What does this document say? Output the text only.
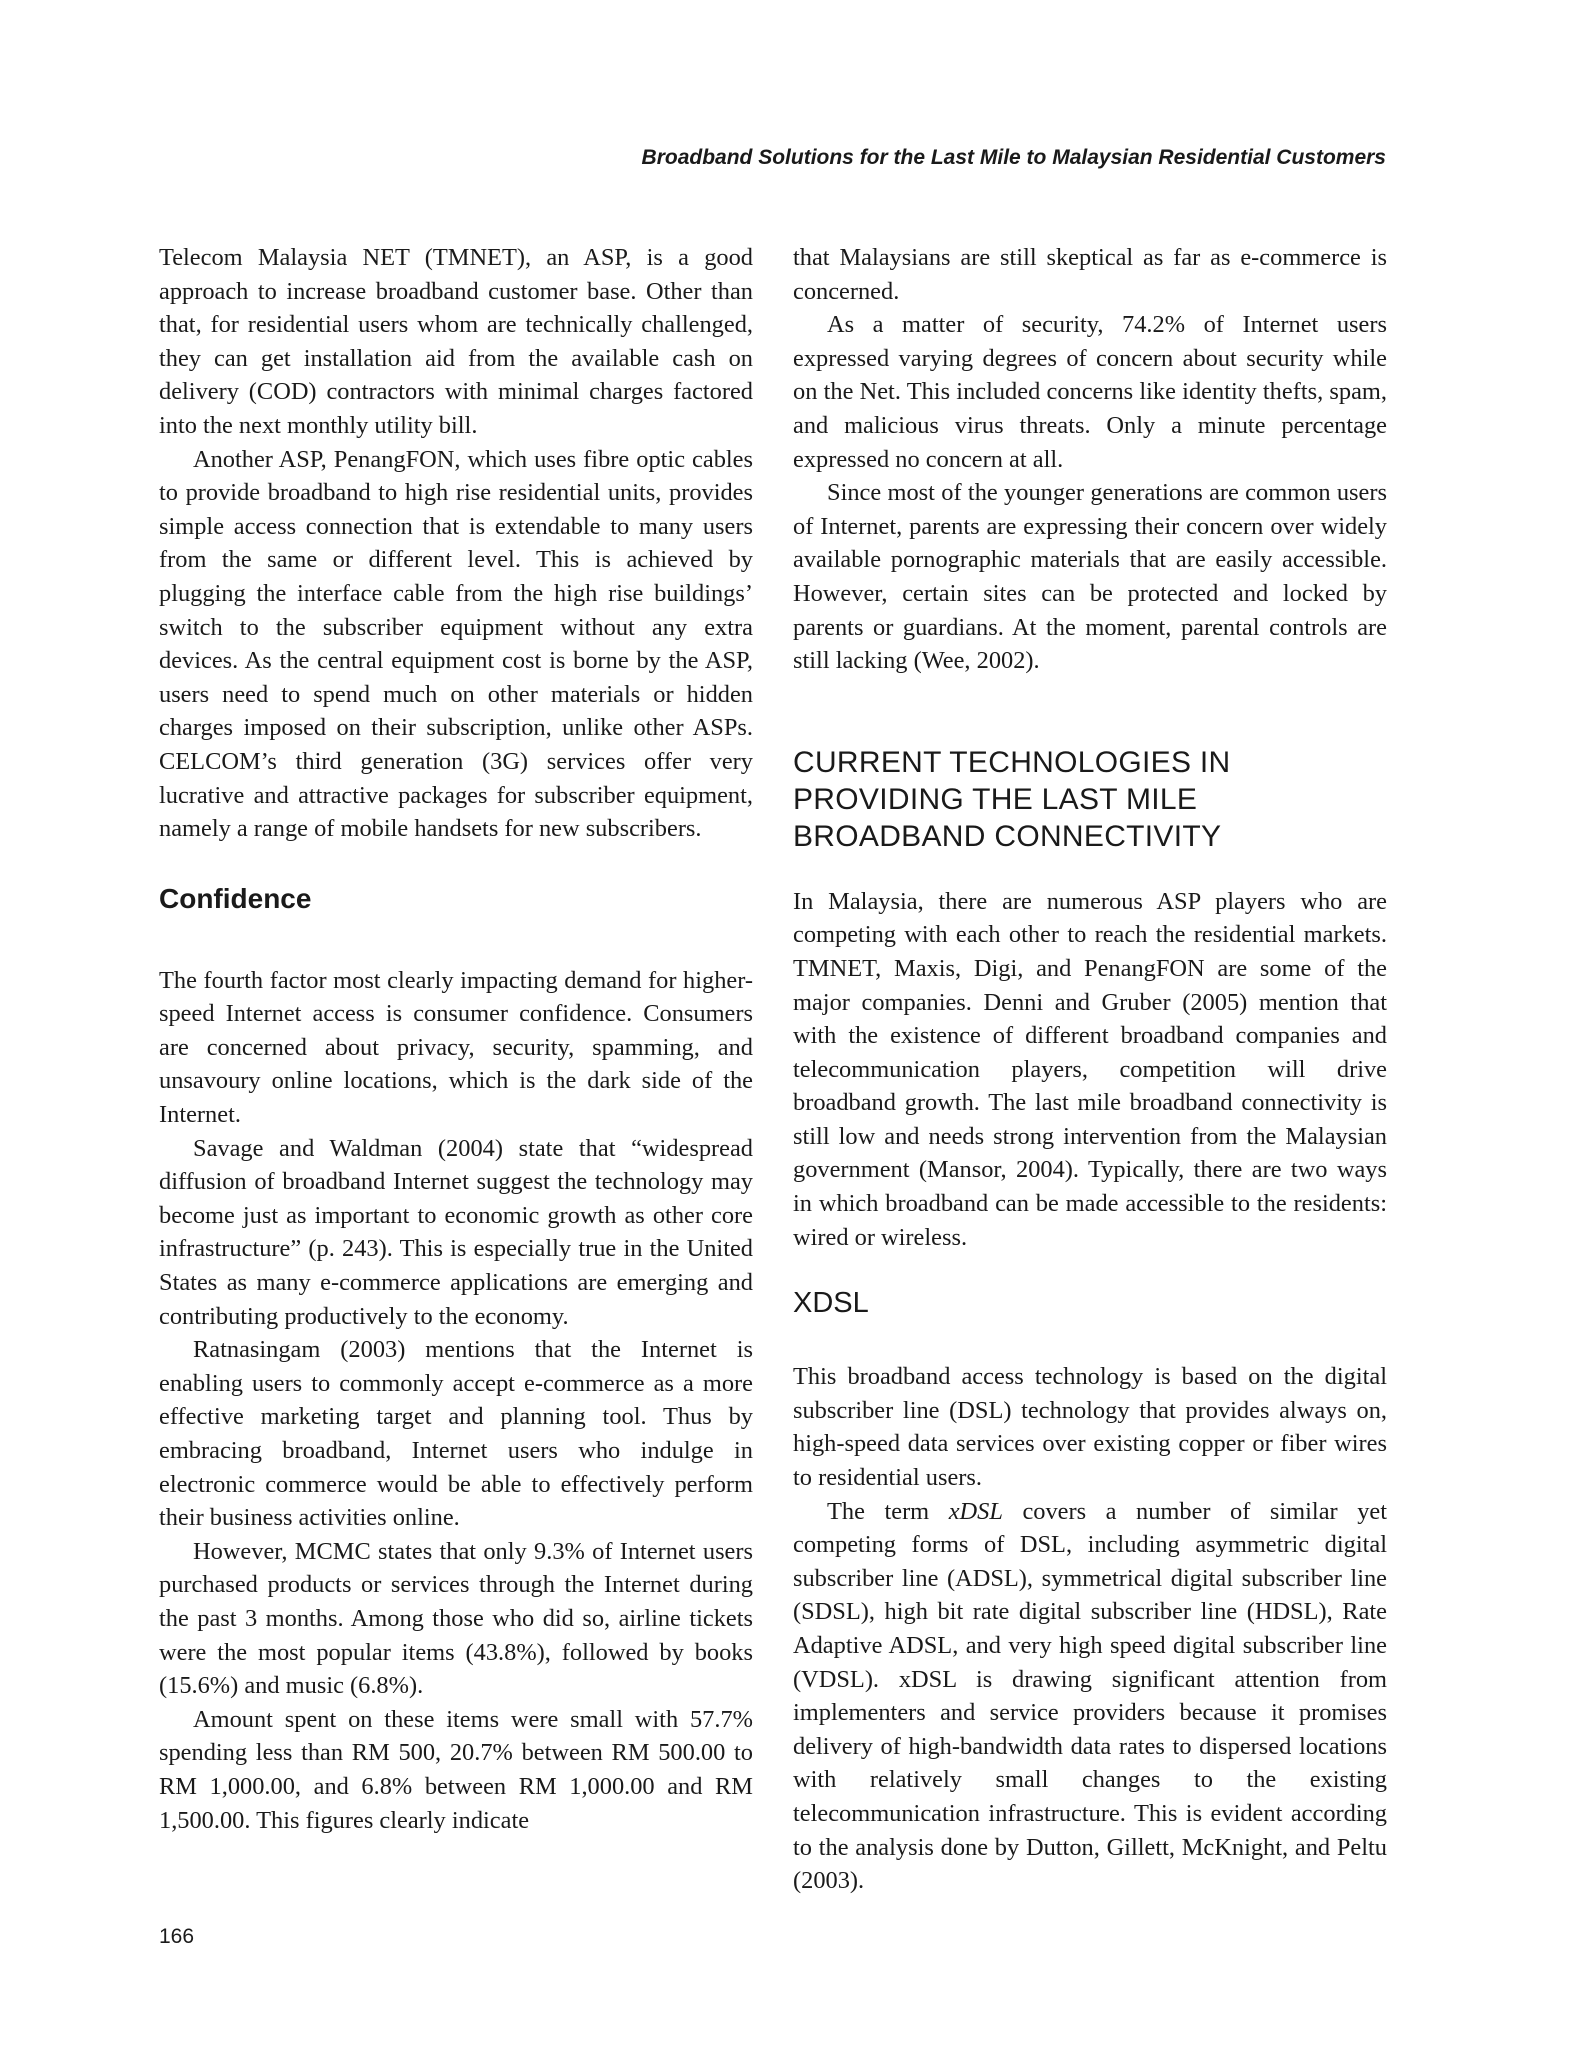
Broadband Solutions for the Last Mile to Malaysian Residential Customers

Telecom Malaysia NET (TMNET), an ASP, is a good approach to increase broadband customer base. Other than that, for residential users whom are technically challenged, they can get installation aid from the available cash on delivery (COD) contractors with minimal charges factored into the next monthly utility bill.

Another ASP, PenangFON, which uses fibre optic cables to provide broadband to high rise residential units, provides simple access connection that is extendable to many users from the same or different level. This is achieved by plugging the interface cable from the high rise buildings’ switch to the subscriber equipment without any extra devices. As the central equipment cost is borne by the ASP, users need to spend much on other materials or hidden charges imposed on their subscription, unlike other ASPs. CELCOM’s third generation (3G) services offer very lucrative and attractive packages for subscriber equipment, namely a range of mobile handsets for new subscribers.

Confidence

The fourth factor most clearly impacting demand for higher-speed Internet access is consumer confidence. Consumers are concerned about privacy, security, spamming, and unsavoury online locations, which is the dark side of the Internet.

Savage and Waldman (2004) state that “widespread diffusion of broadband Internet suggest the technology may become just as important to economic growth as other core infrastructure” (p. 243). This is especially true in the United States as many e-commerce applications are emerging and contributing productively to the economy.

Ratnasingam (2003) mentions that the Internet is enabling users to commonly accept e-commerce as a more effective marketing target and planning tool. Thus by embracing broadband, Internet users who indulge in electronic commerce would be able to effectively perform their business activities online.

However, MCMC states that only 9.3% of Internet users purchased products or services through the Internet during the past 3 months. Among those who did so, airline tickets were the most popular items (43.8%), followed by books (15.6%) and music (6.8%).

Amount spent on these items were small with 57.7% spending less than RM 500, 20.7% between RM 500.00 to RM 1,000.00, and 6.8% between RM 1,000.00 and RM 1,500.00. This figures clearly indicate

that Malaysians are still skeptical as far as e-commerce is concerned.

As a matter of security, 74.2% of Internet users expressed varying degrees of concern about security while on the Net. This included concerns like identity thefts, spam, and malicious virus threats. Only a minute percentage expressed no concern at all.

Since most of the younger generations are common users of Internet, parents are expressing their concern over widely available pornographic materials that are easily accessible. However, certain sites can be protected and locked by parents or guardians. At the moment, parental controls are still lacking (Wee, 2002).

CURRENT TECHNOLOGIES IN
PROVIDING THE LAST MILE
BROADBAND CONNECTIVITY

In Malaysia, there are numerous ASP players who are competing with each other to reach the residential markets. TMNET, Maxis, Digi, and PenangFON are some of the major companies. Denni and Gruber (2005) mention that with the existence of different broadband companies and telecommunication players, competition will drive broadband growth. The last mile broadband connectivity is still low and needs strong intervention from the Malaysian government (Mansor, 2004). Typically, there are two ways in which broadband can be made accessible to the residents: wired or wireless.

XDSL

This broadband access technology is based on the digital subscriber line (DSL) technology that provides always on, high-speed data services over existing copper or fiber wires to residential users.

The term xDSL covers a number of similar yet competing forms of DSL, including asymmetric digital subscriber line (ADSL), symmetrical digital subscriber line (SDSL), high bit rate digital subscriber line (HDSL), Rate Adaptive ADSL, and very high speed digital subscriber line (VDSL). xDSL is drawing significant attention from implementers and service providers because it promises delivery of high-bandwidth data rates to dispersed locations with relatively small changes to the existing telecommunication infrastructure. This is evident according to the analysis done by Dutton, Gillett, McKnight, and Peltu (2003).

166
